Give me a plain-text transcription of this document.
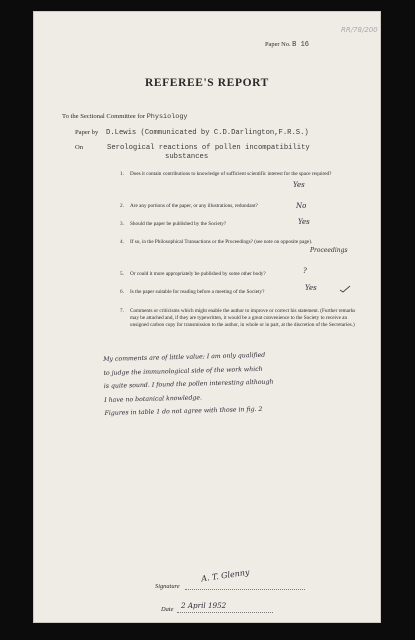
RR/78/200
Paper No. B 16
REFEREE'S REPORT
To the Sectional Committee for Physiology
Paper by D.Lewis (Communicated by C.D.Darlington,F.R.S.)
On	Serological reactions of pollen incompatibility
substances
1. Does it contain contributions to knowledge of sufficient scientific interest for the space required?
Yes
2. Are any portions of the paper, or any illustrations, redundant?	No
3. Should the paper be published by the Society?	Yes
4. If so, in the Philosophical Transactions or the Proceedings? (see note on opposite page).
Proceedings
5. Or could it more appropriately be published by some other body?	?
6. Is the paper suitable for reading before a meeting of the Society?	Yes
7. Comments or criticisms which might enable the author to improve or correct his statement. (Further remarks may be attached and, if they are typewritten, it would be a great convenience to the Society to receive an unsigned carbon copy for transmission to the author, in whole or in part, at the discretion of the Secretaries.)
My comments are of little value; I am only qualified
to judge the immunological side of the work which
is quite sound. I found the pollen interesting although
I have no botanical knowledge.
Figures in table 1 do not agree with those in fig. 2
Signature
A. T. Glenny
Date 2 April 1952
